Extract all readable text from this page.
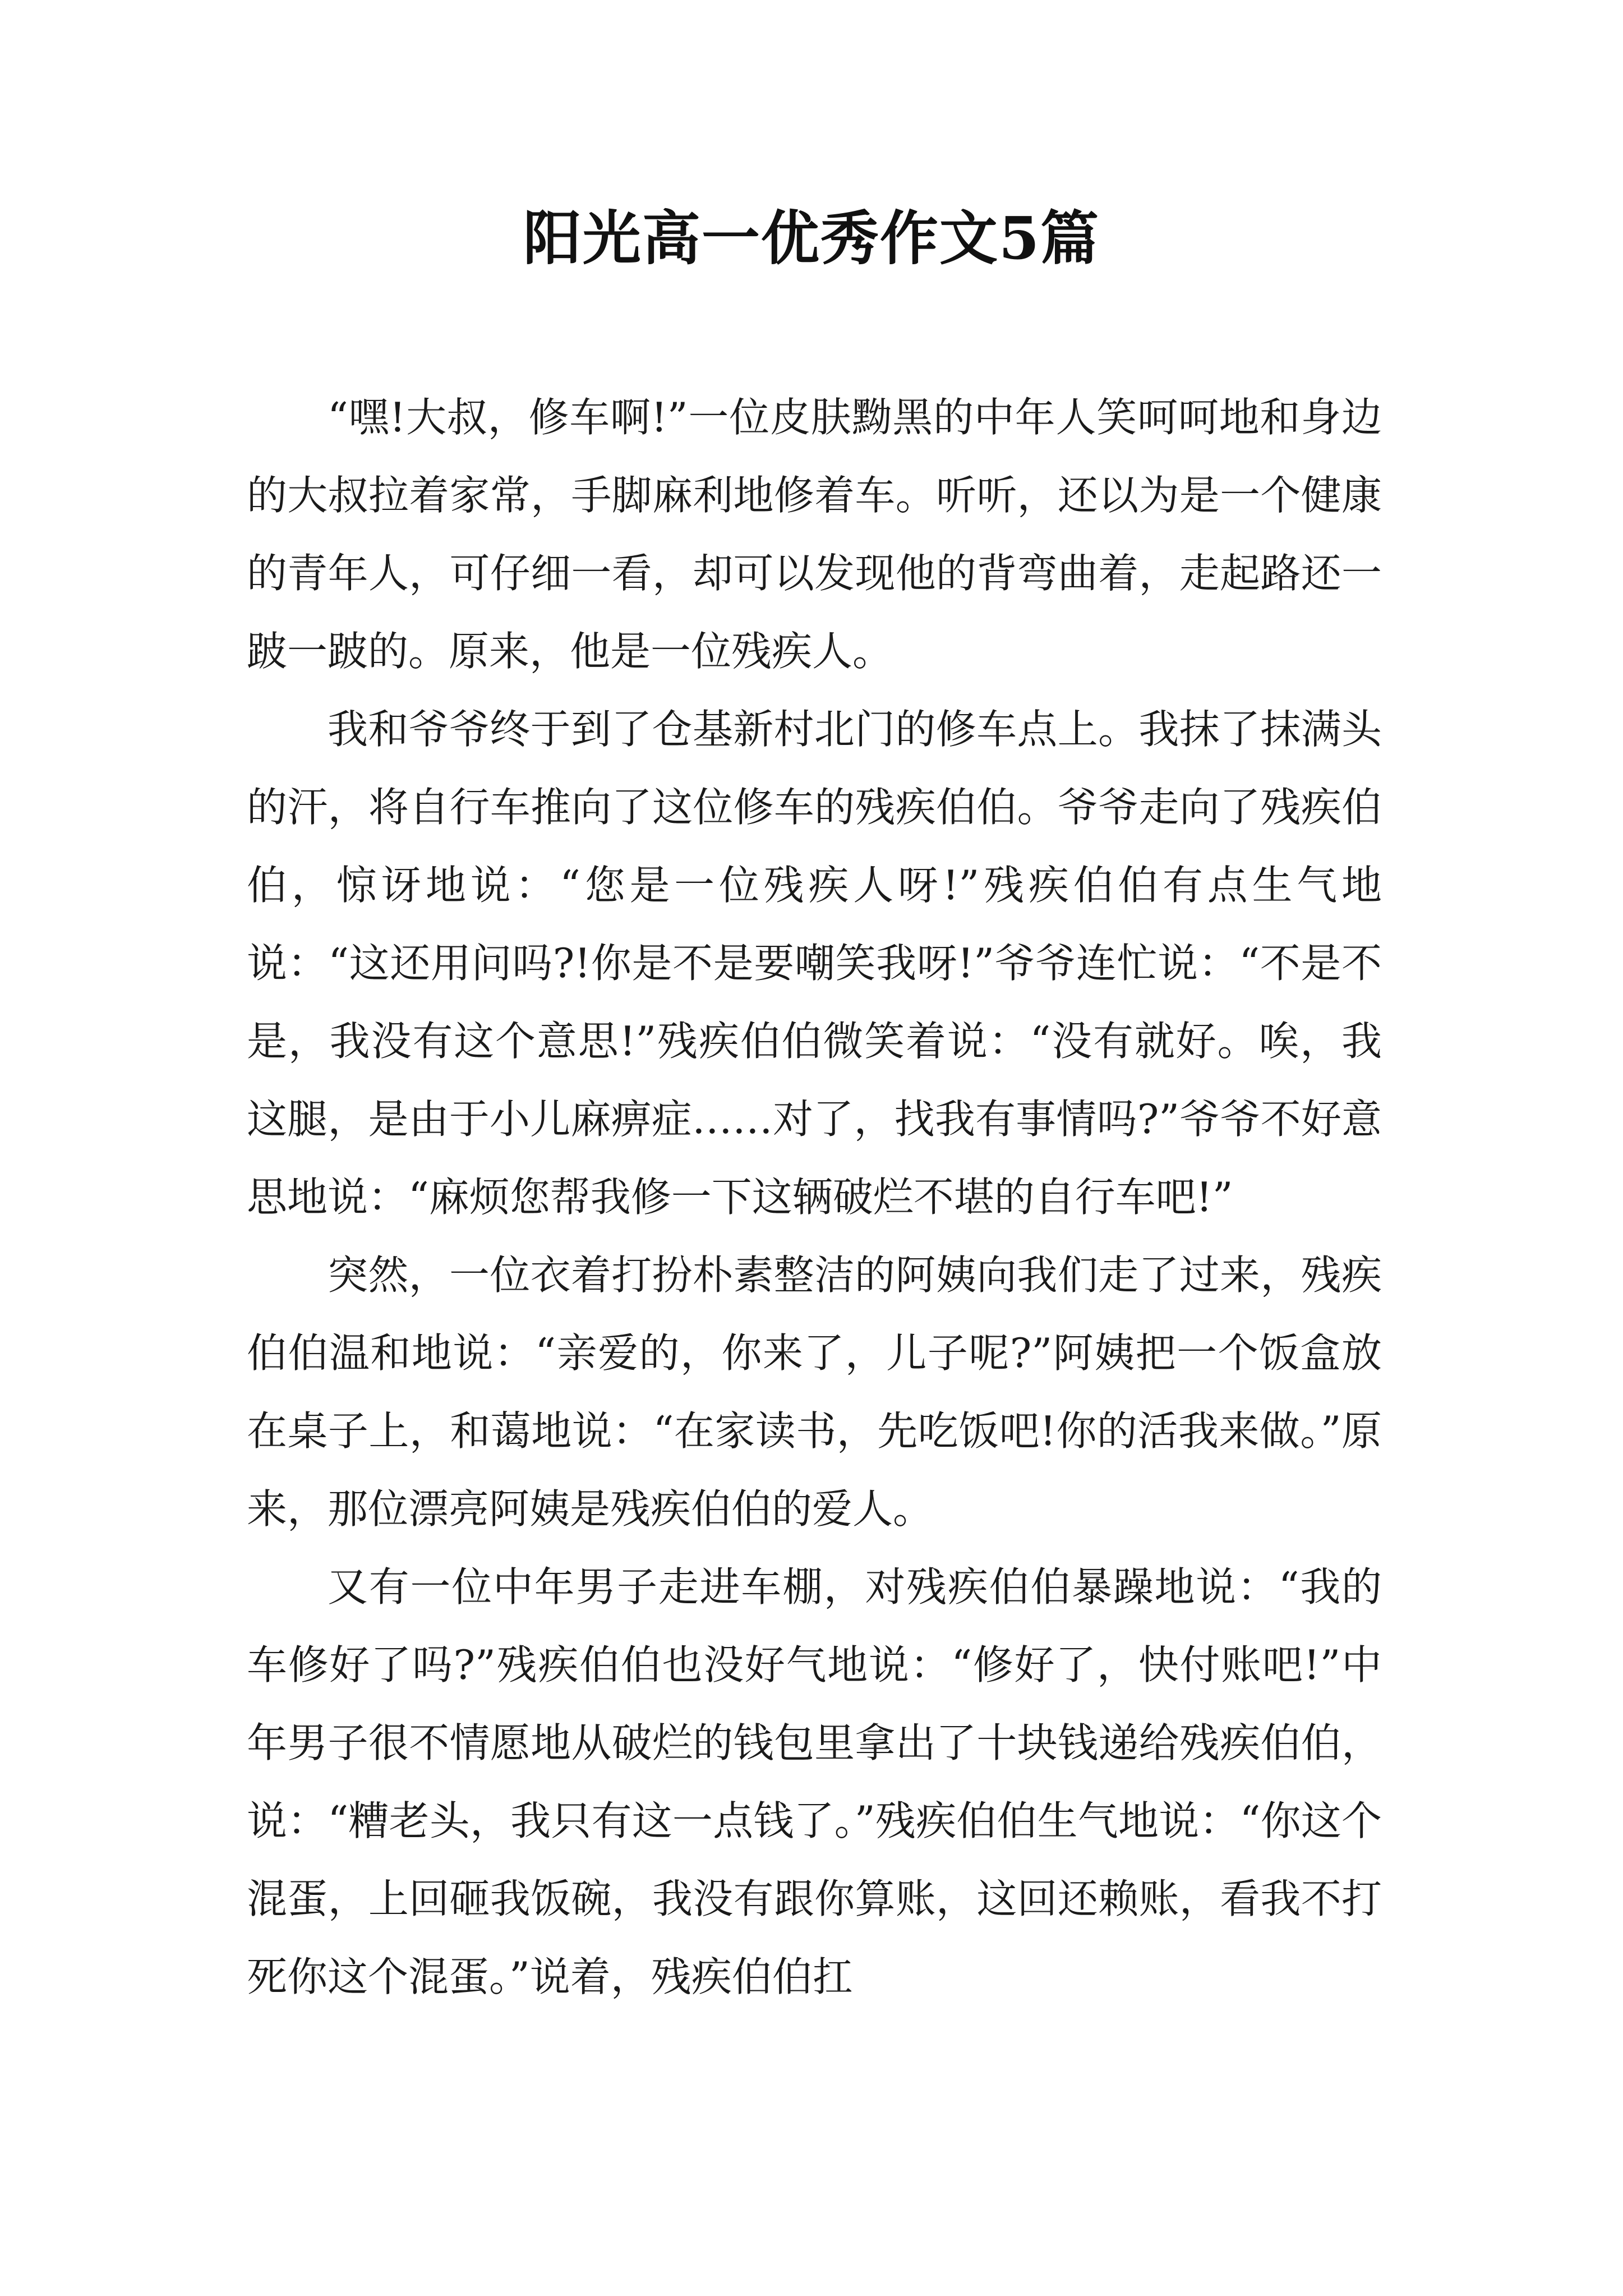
阳光高一优秀作文5篇

“嘿!大叔，修车啊!”一位皮肤黝黑的中年人笑呵呵地和身边的大叔拉着家常，手脚麻利地修着车。听听，还以为是一个健康的青年人，可仔细一看，却可以发现他的背弯曲着，走起路还一跛一跛的。原来，他是一位残疾人。

我和爷爷终于到了仓基新村北门的修车点上。我抹了抹满头的汗，将自行车推向了这位修车的残疾伯伯。爷爷走向了残疾伯伯，惊讶地说：“您是一位残疾人呀!”残疾伯伯有点生气地说：“这还用问吗?!你是不是要嘲笑我呀!”爷爷连忙说：“不是不是，我没有这个意思!”残疾伯伯微笑着说：“没有就好。唉，我这腿，是由于小儿麻痹症……对了，找我有事情吗?”爷爷不好意思地说：“麻烦您帮我修一下这辆破烂不堪的自行车吧!”

突然，一位衣着打扮朴素整洁的阿姨向我们走了过来，残疾伯伯温和地说：“亲爱的，你来了，儿子呢?”阿姨把一个饭盒放在桌子上，和蔼地说：“在家读书，先吃饭吧!你的活我来做。”原来，那位漂亮阿姨是残疾伯伯的爱人。

又有一位中年男子走进车棚，对残疾伯伯暴躁地说：“我的车修好了吗?”残疾伯伯也没好气地说：“修好了，快付账吧!”中年男子很不情愿地从破烂的钱包里拿出了十块钱递给残疾伯伯，说：“糟老头，我只有这一点钱了。”残疾伯伯生气地说：“你这个混蛋，上回砸我饭碗，我没有跟你算账，这回还赖账，看我不打死你这个混蛋。”说着，残疾伯伯扛
